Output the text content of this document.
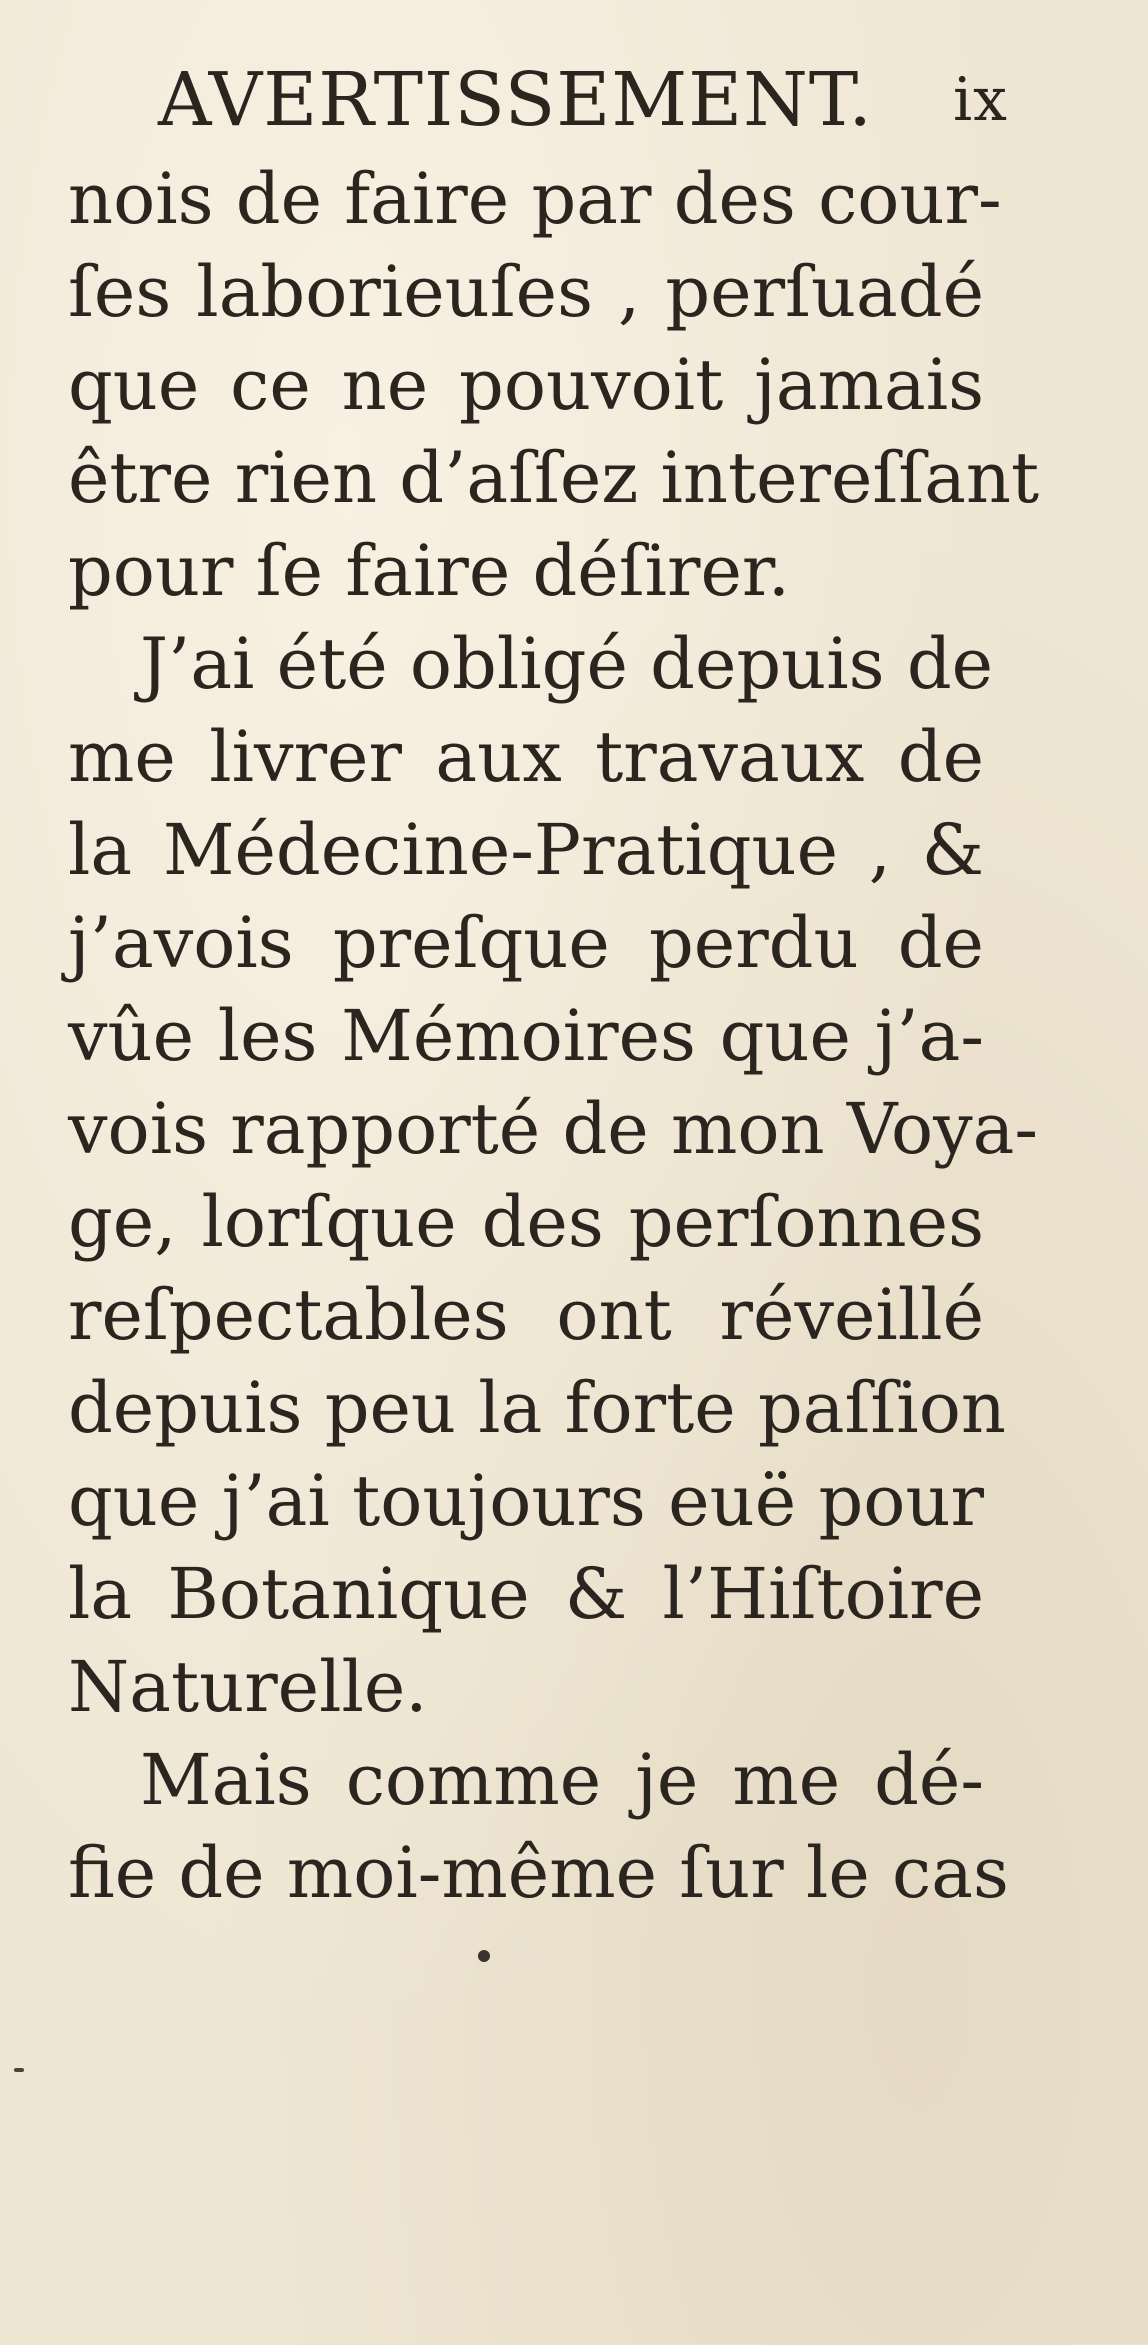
AVERTISSEMENT. ix
nois de faire par des cour-
ſes laborieuſes , perſuadé
que ce ne pouvoit jamais
être rien d’aſſez intereſſant
pour ſe faire déſirer.
J’ai été obligé depuis de
me livrer aux travaux de
la Médecine-Pratique , &
j’avois preſque perdu de
vûe les Mémoires que j’a-
vois rapporté de mon Voya-
ge, lorſque des perſonnes
reſpectables ont réveillé
depuis peu la forte paſſion
que j’ai toujours euë pour
la Botanique & l’Hiſtoire
Naturelle.
Mais comme je me dé-
fie de moi-même ſur le cas
